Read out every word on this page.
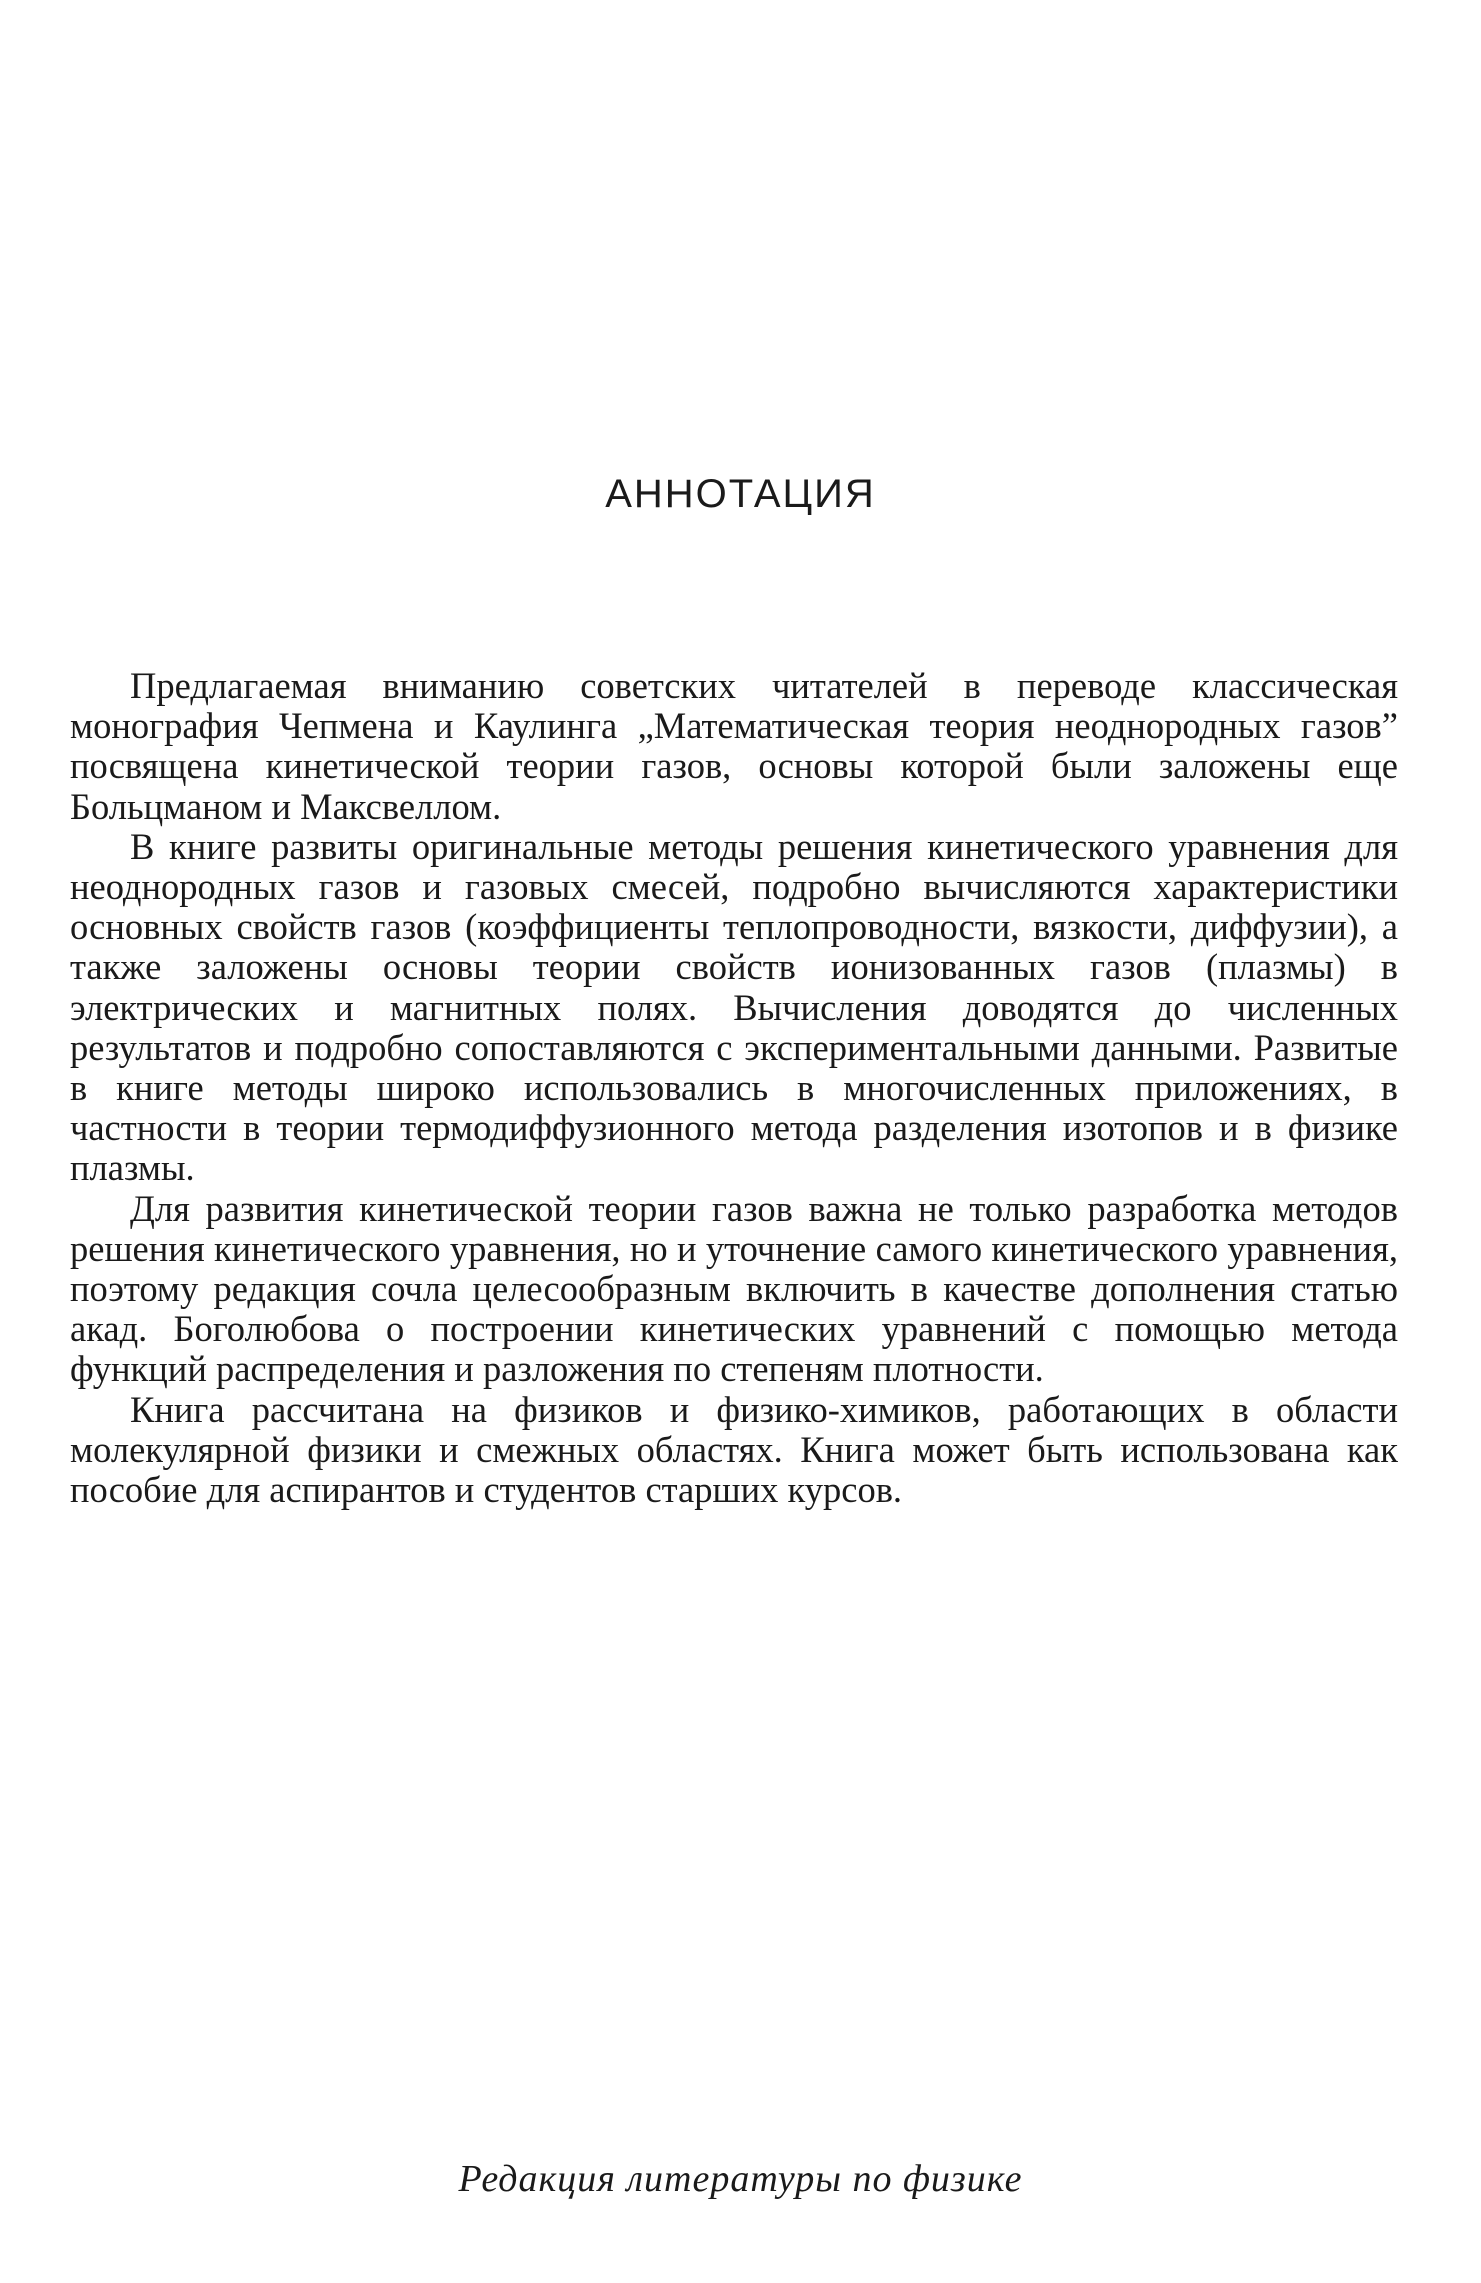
АННОТАЦИЯ

Предлагаемая вниманию советских читателей в переводе классическая монография Чепмена и Каулинга „Математическая теория неоднородных газов” посвящена кинетической теории газов, основы которой были заложены еще Больцманом и Максвеллом.

В книге развиты оригинальные методы решения кинетического уравнения для неоднородных газов и газовых смесей, подробно вычисляются характеристики основных свойств газов (коэффициенты теплопроводности, вязкости, диффузии), а также заложены основы теории свойств ионизованных газов (плазмы) в электрических и магнитных полях. Вычисления доводятся до численных результатов и подробно сопоставляются с экспериментальными данными. Развитые в книге методы широко использовались в многочисленных приложениях, в частности в теории термодиффузионного метода разделения изотопов и в физике плазмы.

Для развития кинетической теории газов важна не только разработка методов решения кинетического уравнения, но и уточнение самого кинетического уравнения, поэтому редакция сочла целесообразным включить в качестве дополнения статью акад. Боголюбова о построении кинетических уравнений с помощью метода функций распределения и разложения по степеням плотности.

Книга рассчитана на физиков и физико-химиков, работающих в области молекулярной физики и смежных областях. Книга может быть использована как пособие для аспирантов и студентов старших курсов.

Редакция литературы по физике
